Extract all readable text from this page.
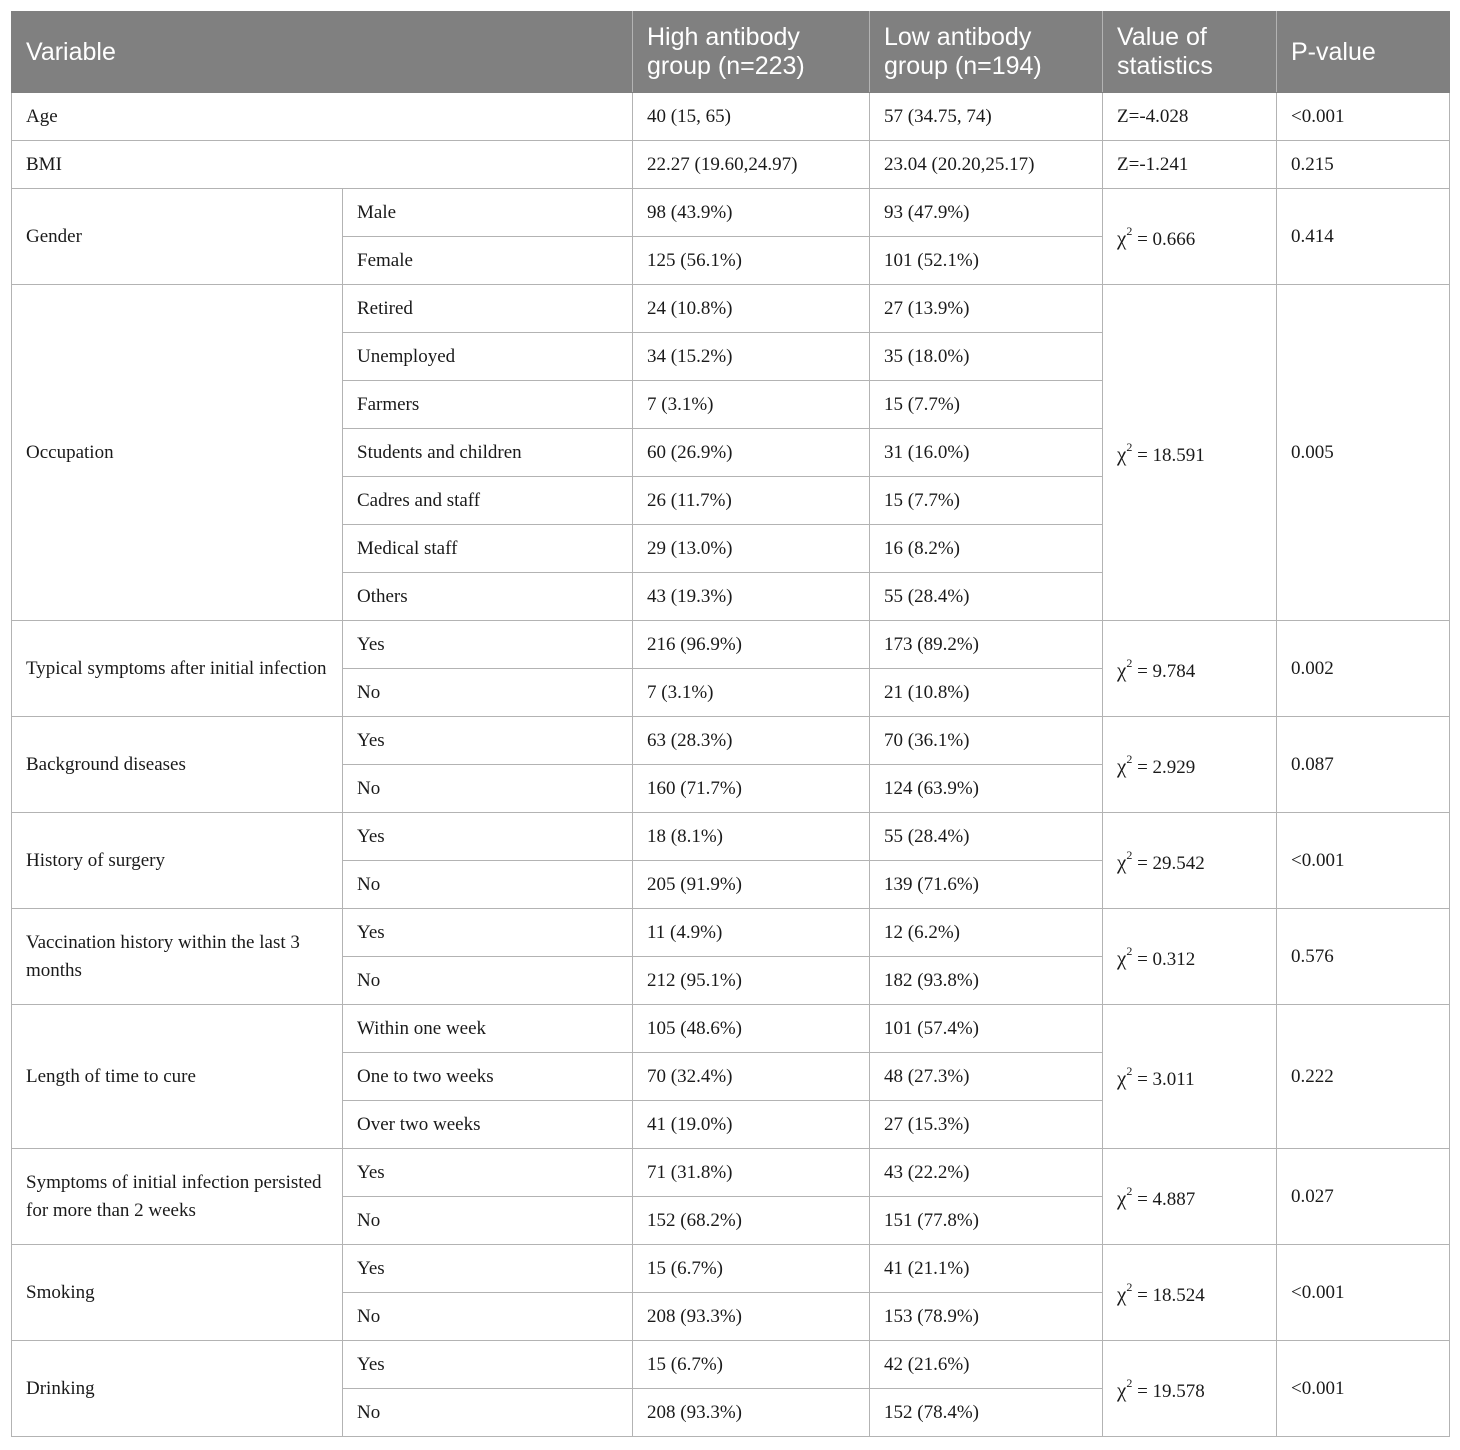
Variable		High antibody group (n=223)	Low antibody group (n=194)	Value of statistics	P-value
Age		40 (15, 65)	57 (34.75, 74)	Z=-4.028	<0.001
BMI		22.27 (19.60,24.97)	23.04 (20.20,25.17)	Z=-1.241	0.215
Gender	Male	98 (43.9%)	93 (47.9%)	$\chi^2 = 0.666$	0.414
	Female	125 (56.1%)	101 (52.1%)		
Occupation	Retired	24 (10.8%)	27 (13.9%)	$\chi^2 = 18.591$	0.005
	Unemployed	34 (15.2%)	35 (18.0%)		
	Farmers	7 (3.1%)	15 (7.7%)		
	Students and children	60 (26.9%)	31 (16.0%)		
	Cadres and staff	26 (11.7%)	15 (7.7%)		
	Medical staff	29 (13.0%)	16 (8.2%)		
	Others	43 (19.3%)	55 (28.4%)		
Typical symptoms after initial infection	Yes	216 (96.9%)	173 (89.2%)	$\chi^2 = 9.784$	0.002
	No	7 (3.1%)	21 (10.8%)		
Background diseases	Yes	63 (28.3%)	70 (36.1%)	$\chi^2 = 2.929$	0.087
	No	160 (71.7%)	124 (63.9%)		
History of surgery	Yes	18 (8.1%)	55 (28.4%)	$\chi^2 = 29.542$	<0.001
	No	205 (91.9%)	139 (71.6%)		
Vaccination history within the last 3 months	Yes	11 (4.9%)	12 (6.2%)	$\chi^2 = 0.312$	0.576
	No	212 (95.1%)	182 (93.8%)		
Length of time to cure	Within one week	105 (48.6%)	101 (57.4%)	$\chi^2 = 3.011$	0.222
	One to two weeks	70 (32.4%)	48 (27.3%)		
	Over two weeks	41 (19.0%)	27 (15.3%)		
Symptoms of initial infection persisted for more than 2 weeks	Yes	71 (31.8%)	43 (22.2%)	$\chi^2 = 4.887$	0.027
	No	152 (68.2%)	151 (77.8%)		
Smoking	Yes	15 (6.7%)	41 (21.1%)	$\chi^2 = 18.524$	<0.001
	No	208 (93.3%)	153 (78.9%)		
Drinking	Yes	15 (6.7%)	42 (21.6%)	$\chi^2 = 19.578$	<0.001
	No	208 (93.3%)	152 (78.4%)		
